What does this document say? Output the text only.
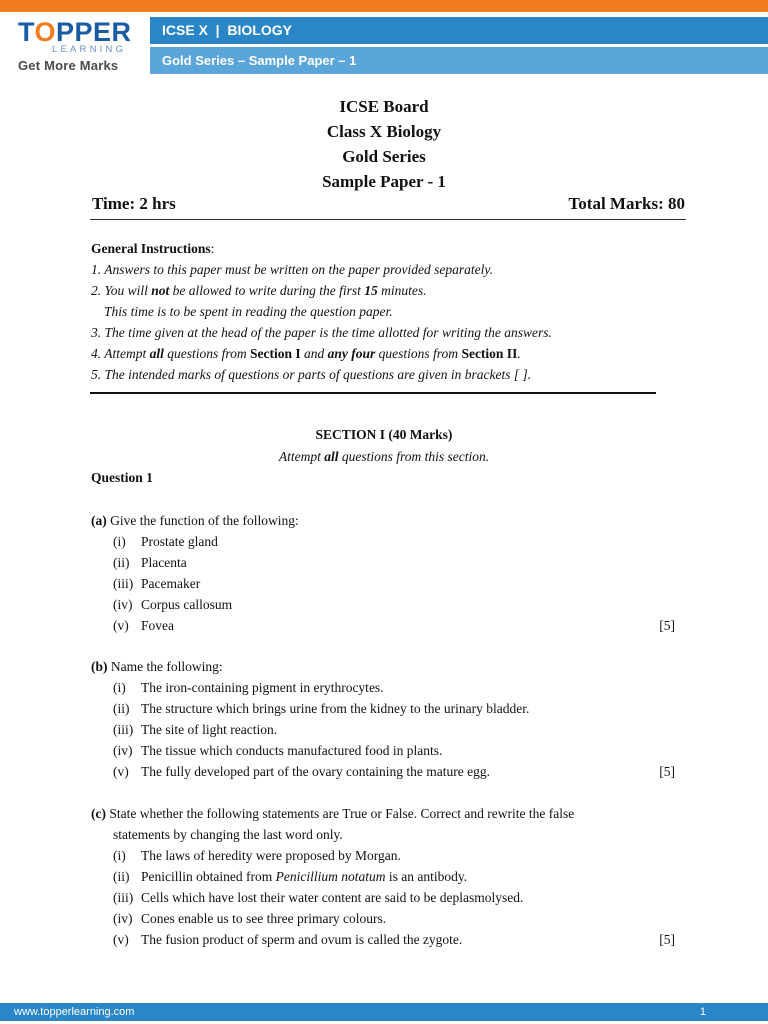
TOPPER
LEARNING
Get More Marks
ICSE X  |  BIOLOGY
Gold Series – Sample Paper – 1
ICSE Board
Class X Biology
Gold Series
Sample Paper - 1
Time: 2 hrs	Total Marks: 80
General Instructions:
1. Answers to this paper must be written on the paper provided separately.
2. You will not be allowed to write during the first 15 minutes.
This time is to be spent in reading the question paper.
3. The time given at the head of the paper is the time allotted for writing the answers.
4. Attempt all questions from Section I and any four questions from Section II.
5. The intended marks of questions or parts of questions are given in brackets [ ].
SECTION I (40 Marks)
Attempt all questions from this section.
Question 1
(a) Give the function of the following:
(i) Prostate gland
(ii) Placenta
(iii) Pacemaker
(iv) Corpus callosum
(v) Fovea	[5]
(b) Name the following:
(i) The iron-containing pigment in erythrocytes.
(ii) The structure which brings urine from the kidney to the urinary bladder.
(iii) The site of light reaction.
(iv) The tissue which conducts manufactured food in plants.
(v) The fully developed part of the ovary containing the mature egg.	[5]
(c) State whether the following statements are True or False. Correct and rewrite the false
statements by changing the last word only.
(i) The laws of heredity were proposed by Morgan.
(ii) Penicillin obtained from Penicillium notatum is an antibody.
(iii) Cells which have lost their water content are said to be deplasmolysed.
(iv) Cones enable us to see three primary colours.
(v) The fusion product of sperm and ovum is called the zygote.	[5]
www.topperlearning.com	1
